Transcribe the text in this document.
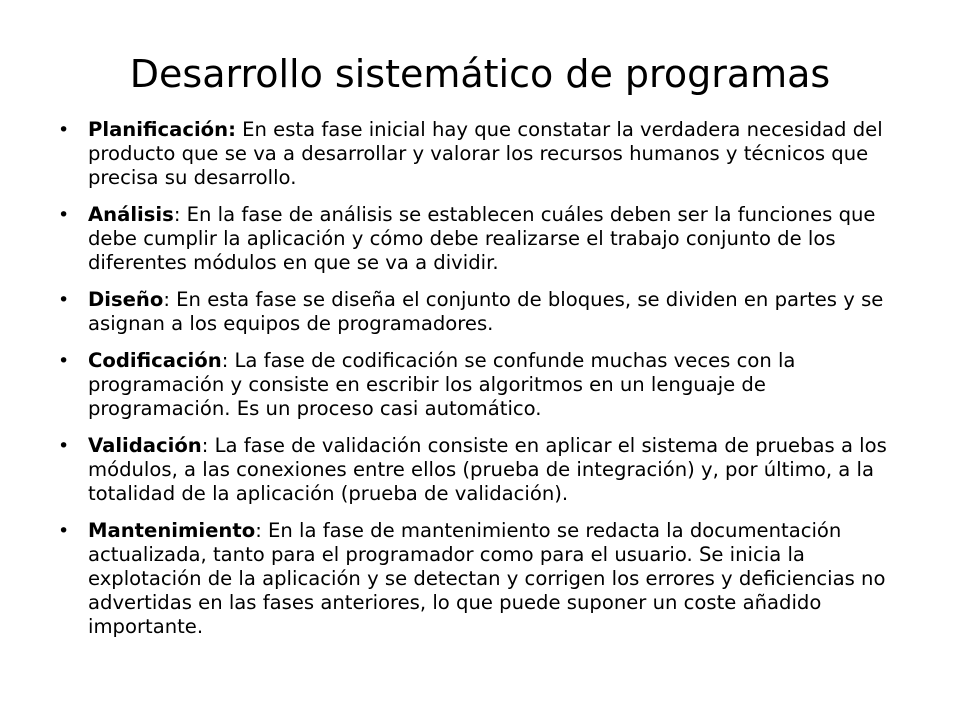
Desarrollo sistemático de programas
• Planificación: En esta fase inicial hay que constatar la verdadera necesidad del producto que se va a desarrollar y valorar los recursos humanos y técnicos que precisa su desarrollo.
• Análisis: En la fase de análisis se establecen cuáles deben ser la funciones que debe cumplir la aplicación y cómo debe realizarse el trabajo conjunto de los diferentes módulos en que se va a dividir.
• Diseño: En esta fase se diseña el conjunto de bloques, se dividen en partes y se asignan a los equipos de programadores.
• Codificación: La fase de codificación se confunde muchas veces con la programación y consiste en escribir los algoritmos en un lenguaje de programación. Es un proceso casi automático.
• Validación: La fase de validación consiste en aplicar el sistema de pruebas a los módulos, a las conexiones entre ellos (prueba de integración) y, por último, a la totalidad de la aplicación (prueba de validación).
• Mantenimiento: En la fase de mantenimiento se redacta la documentación actualizada, tanto para el programador como para el usuario. Se inicia la explotación de la aplicación y se detectan y corrigen los errores y deficiencias no advertidas en las fases anteriores, lo que puede suponer un coste añadido importante.
